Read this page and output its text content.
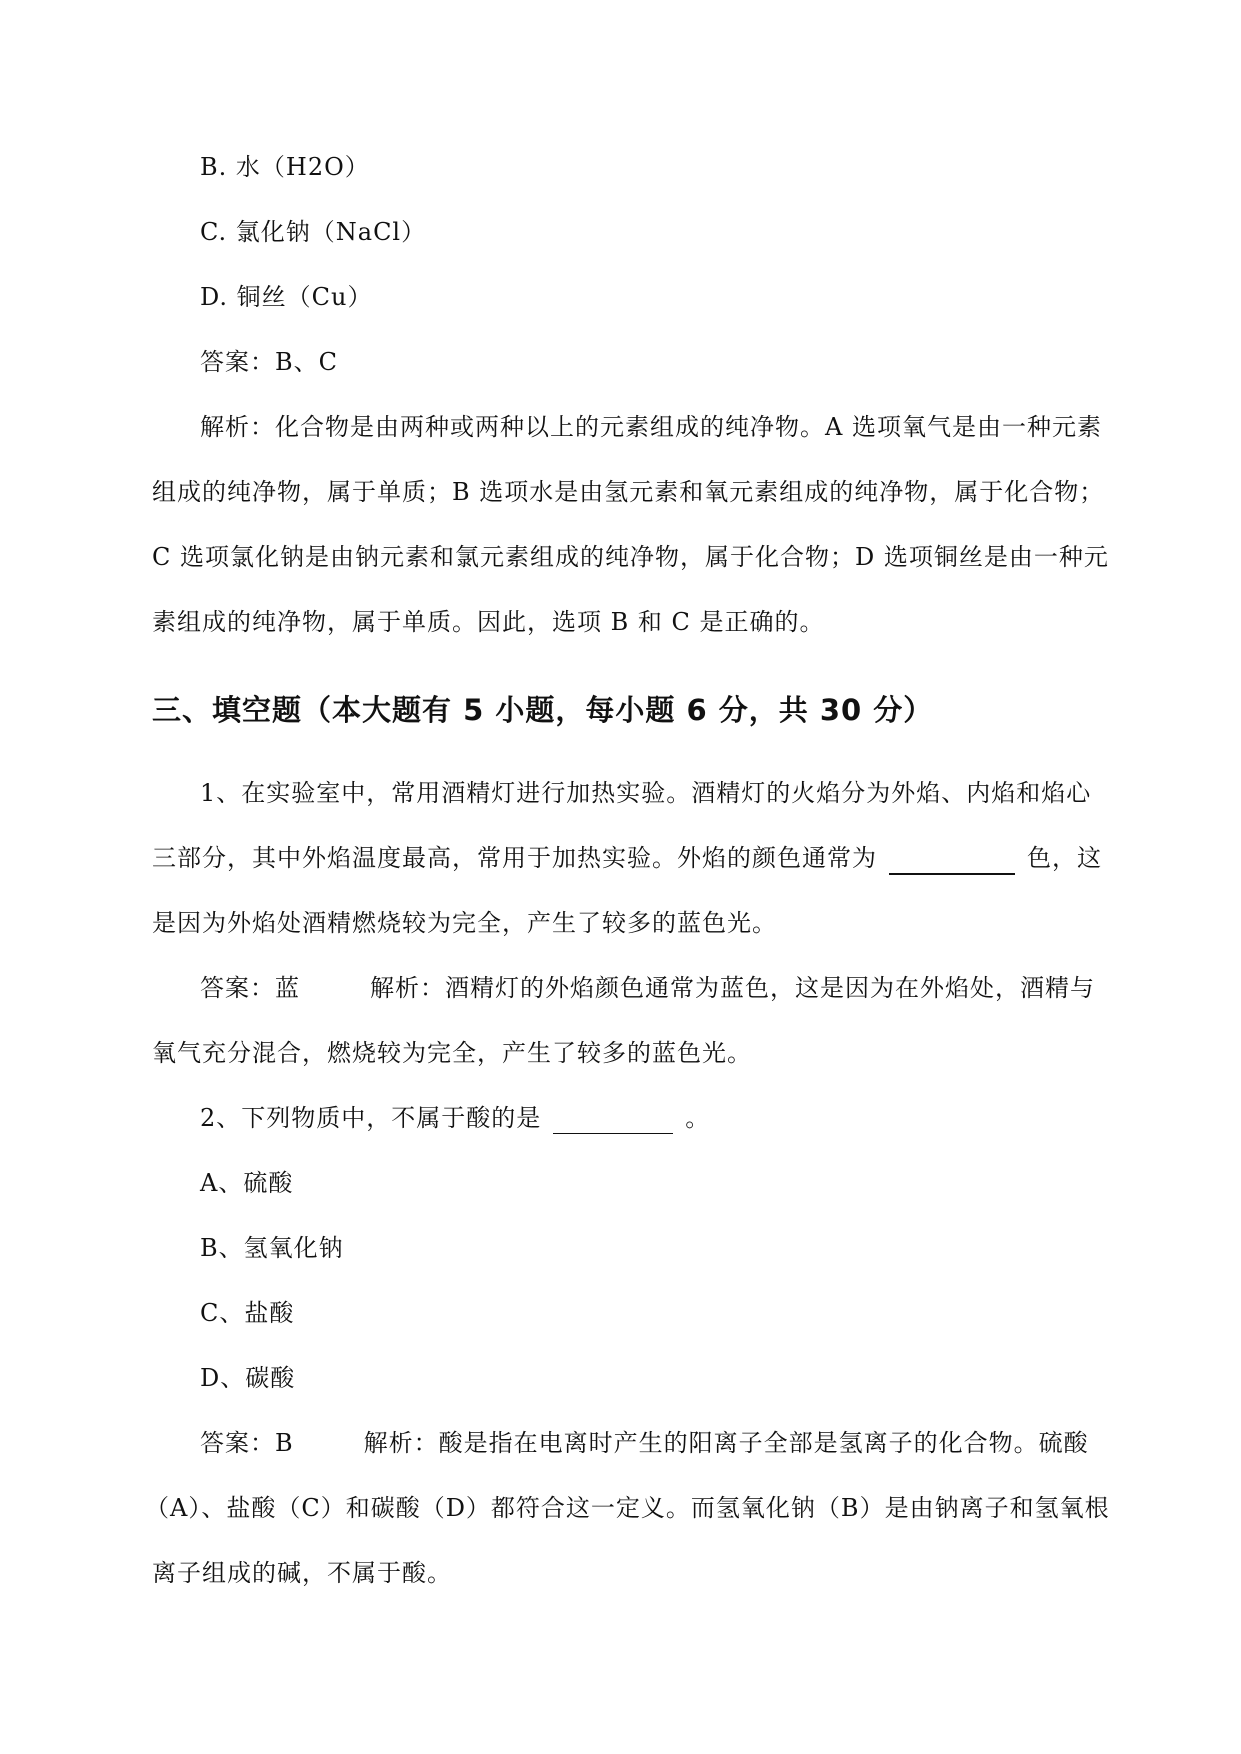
B. 水（H2O）
C. 氯化钠（NaCl）
D. 铜丝（Cu）
答案：B、C
解析：化合物是由两种或两种以上的元素组成的纯净物。A 选项氧气是由一种元素
组成的纯净物，属于单质；B 选项水是由氢元素和氧元素组成的纯净物，属于化合物；
C 选项氯化钠是由钠元素和氯元素组成的纯净物，属于化合物；D 选项铜丝是由一种元
素组成的纯净物，属于单质。因此，选项 B 和 C 是正确的。
三、填空题（本大题有 5 小题，每小题 6 分，共 30 分）
1、在实验室中，常用酒精灯进行加热实验。酒精灯的火焰分为外焰、内焰和焰心
三部分，其中外焰温度最高，常用于加热实验。外焰的颜色通常为	色，这
是因为外焰处酒精燃烧较为完全，产生了较多的蓝色光。
答案：蓝	解析：酒精灯的外焰颜色通常为蓝色，这是因为在外焰处，酒精与
氧气充分混合，燃烧较为完全，产生了较多的蓝色光。
2、下列物质中，不属于酸的是	。
A、硫酸
B、氢氧化钠
C、盐酸
D、碳酸
答案：B	解析：酸是指在电离时产生的阳离子全部是氢离子的化合物。硫酸
（A）、盐酸（C）和碳酸（D）都符合这一定义。而氢氧化钠（B）是由钠离子和氢氧根
离子组成的碱，不属于酸。
